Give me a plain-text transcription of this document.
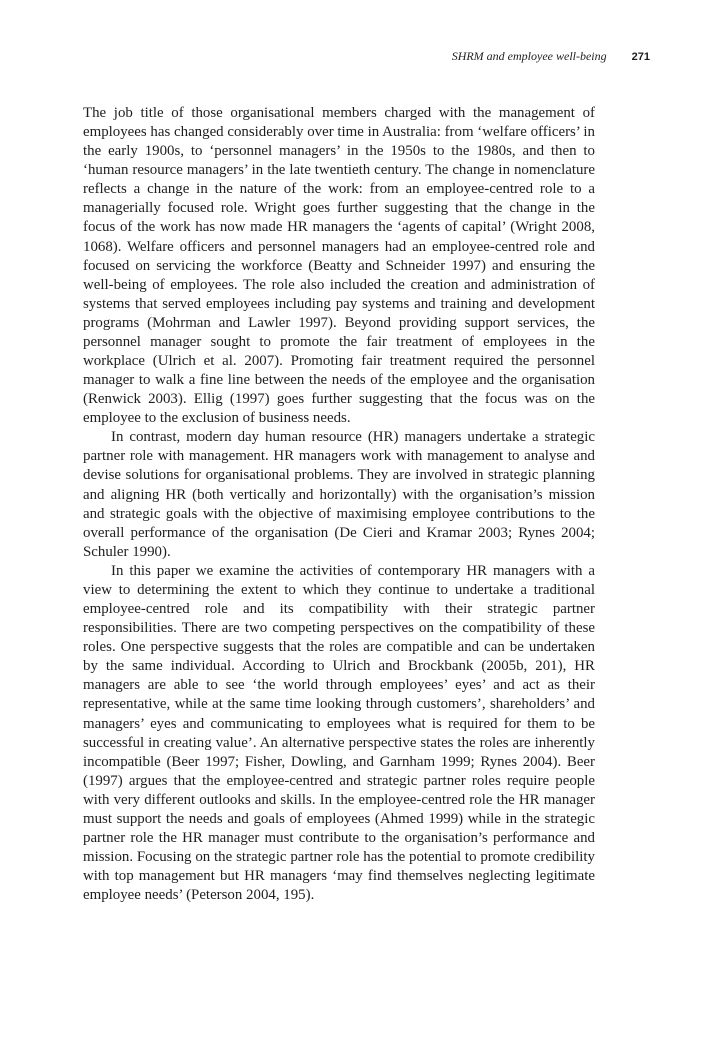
SHRM and employee well-being 271

The job title of those organisational members charged with the management of employees has changed considerably over time in Australia: from ‘welfare officers’ in the early 1900s, to ‘personnel managers’ in the 1950s to the 1980s, and then to ‘human resource managers’ in the late twentieth century. The change in nomenclature reflects a change in the nature of the work: from an employee-centred role to a managerially focused role. Wright goes further suggesting that the change in the focus of the work has now made HR managers the ‘agents of capital’ (Wright 2008, 1068). Welfare officers and personnel managers had an employee-centred role and focused on servicing the workforce (Beatty and Schneider 1997) and ensuring the well-being of employees. The role also included the creation and administration of systems that served employees including pay systems and training and development programs (Mohrman and Lawler 1997). Beyond providing support services, the personnel manager sought to promote the fair treatment of employees in the workplace (Ulrich et al. 2007). Promoting fair treatment required the personnel manager to walk a fine line between the needs of the employee and the organisation (Renwick 2003). Ellig (1997) goes further suggesting that the focus was on the employee to the exclusion of business needs.

In contrast, modern day human resource (HR) managers undertake a strategic partner role with management. HR managers work with management to analyse and devise solutions for organisational problems. They are involved in strategic planning and aligning HR (both vertically and horizontally) with the organisation’s mission and strategic goals with the objective of maximising employee contributions to the overall performance of the organisation (De Cieri and Kramar 2003; Rynes 2004; Schuler 1990).

In this paper we examine the activities of contemporary HR managers with a view to determining the extent to which they continue to undertake a traditional employee-centred role and its compatibility with their strategic partner responsibilities. There are two competing perspectives on the compatibility of these roles. One perspective suggests that the roles are compatible and can be undertaken by the same individual. According to Ulrich and Brockbank (2005b, 201), HR managers are able to see ‘the world through employees’ eyes’ and act as their representative, while at the same time looking through customers’, shareholders’ and managers’ eyes and communicating to employees what is required for them to be successful in creating value’. An alternative perspective states the roles are inherently incompatible (Beer 1997; Fisher, Dowling, and Garnham 1999; Rynes 2004). Beer (1997) argues that the employee-centred and strategic partner roles require people with very different outlooks and skills. In the employee-centred role the HR manager must support the needs and goals of employees (Ahmed 1999) while in the strategic partner role the HR manager must contribute to the organisation’s performance and mission. Focusing on the strategic partner role has the potential to promote credibility with top management but HR managers ‘may find themselves neglecting legitimate employee needs’ (Peterson 2004, 195).
